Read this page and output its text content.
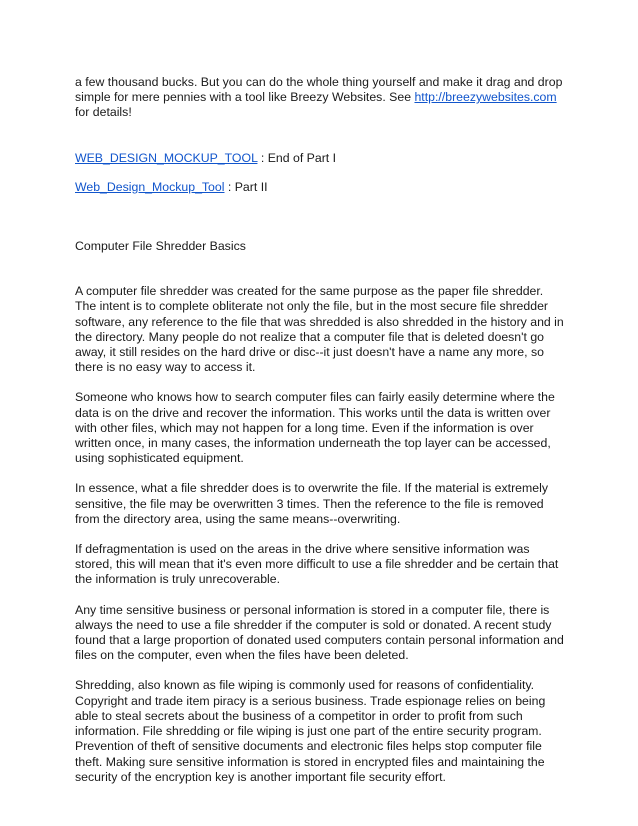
a few thousand bucks. But you can do the whole thing yourself and make it drag and drop simple for mere pennies with a tool like Breezy Websites. See http://breezywebsites.com for details!

WEB_DESIGN_MOCKUP_TOOL : End of Part I

Web_Design_Mockup_Tool : Part II

Computer File Shredder Basics

A computer file shredder was created for the same purpose as the paper file shredder. The intent is to complete obliterate not only the file, but in the most secure file shredder software, any reference to the file that was shredded is also shredded in the history and in the directory. Many people do not realize that a computer file that is deleted doesn't go away, it still resides on the hard drive or disc--it just doesn't have a name any more, so there is no easy way to access it.

Someone who knows how to search computer files can fairly easily determine where the data is on the drive and recover the information. This works until the data is written over with other files, which may not happen for a long time. Even if the information is over written once, in many cases, the information underneath the top layer can be accessed, using sophisticated equipment.

In essence, what a file shredder does is to overwrite the file. If the material is extremely sensitive, the file may be overwritten 3 times. Then the reference to the file is removed from the directory area, using the same means--overwriting.

If defragmentation is used on the areas in the drive where sensitive information was stored, this will mean that it's even more difficult to use a file shredder and be certain that the information is truly unrecoverable.

Any time sensitive business or personal information is stored in a computer file, there is always the need to use a file shredder if the computer is sold or donated. A recent study found that a large proportion of donated used computers contain personal information and files on the computer, even when the files have been deleted.

Shredding, also known as file wiping is commonly used for reasons of confidentiality. Copyright and trade item piracy is a serious business. Trade espionage relies on being able to steal secrets about the business of a competitor in order to profit from such information. File shredding or file wiping is just one part of the entire security program. Prevention of theft of sensitive documents and electronic files helps stop computer file theft. Making sure sensitive information is stored in encrypted files and maintaining the security of the encryption key is another important file security effort.
